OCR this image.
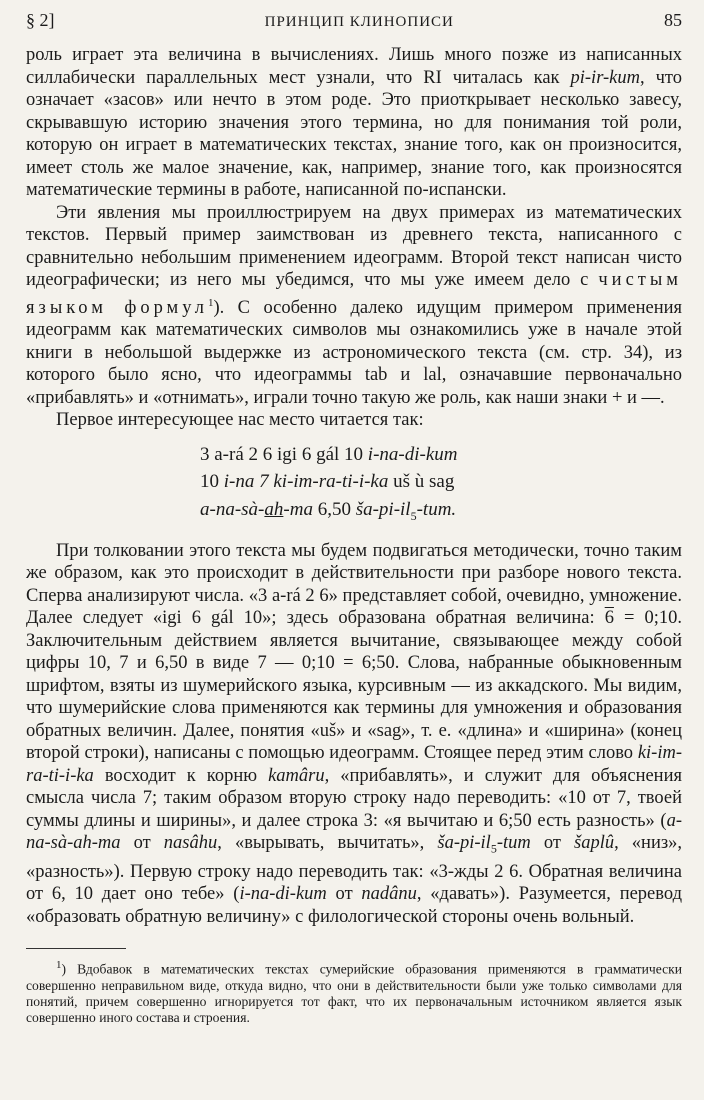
§ 2]	ПРИНЦИП КЛИНОПИСИ	85

роль играет эта величина в вычислениях. Лишь много позже из написанных силлабически параллельных мест узнали, что RI читалась как pi-ir-kum, что означает «засов» или нечто в этом роде. Это приоткрывает несколько завесу, скрывавшую историю значения этого термина, но для понимания той роли, которую он играет в математических текстах, знание того, как он произносится, имеет столь же малое значение, как, например, знание того, как произносятся математические термины в работе, написанной по-испански.

Эти явления мы проиллюстрируем на двух примерах из математических текстов. Первый пример заимствован из древнего текста, написанного с сравнительно небольшим применением идеограмм. Второй текст написан чисто идеографически; из него мы убедимся, что мы уже имеем дело с чистым языком формул$^1$). С особенно далеко идущим примером применения идеограмм как математических символов мы ознакомились уже в начале этой книги в небольшой выдержке из астрономического текста (см. стр. 34), из которого было ясно, что идеограммы tab и lal, означавшие первоначально «прибавлять» и «отнимать», играли точно такую же роль, как наши знаки + и —.

Первое интересующее нас место читается так:

3 a-rá 2 6 igi 6 gál 10 i-na-di-kum
10 i-na 7 ki-im-ra-ti-i-ka uš ù sag
a-na-sà-ah-ma 6,50 $ša-pi-il_5$-tum.

При толковании этого текста мы будем подвигаться методически, точно таким же образом, как это происходит в действительности при разборе нового текста. Сперва анализируют числа. «3 a-rá 2 6» представляет собой, очевидно, умножение. Далее следует «igi 6 gál 10»; здесь образована обратная величина: 6 = 0;10. Заключительным действием является вычитание, связывающее между собой цифры 10, 7 и 6,50 в виде 7 — 0;10 = 6;50. Слова, набранные обыкновенным шрифтом, взяты из шумерийского языка, курсивным — из аккадского. Мы видим, что шумерийские слова применяются как термины для умножения и образования обратных величин. Далее, понятия «uš» и «sag», т. е. «длина» и «ширина» (конец второй строки), написаны с помощью идеограмм. Стоящее перед этим слово ki-im-ra-ti-i-ka восходит к корню kamâru, «прибавлять», и служит для объяснения смысла числа 7; таким образом вторую строку надо переводить: «10 от 7, твоей суммы длины и ширины», и далее строка 3: «я вычитаю и 6;50 есть разность» (a-na-sà-ah-ma от nasâhu, «вырывать, вычитать», $ša-pi-il_5$-tum от šaplû, «низ», «разность»). Первую строку надо переводить так: «3-жды 2 6. Обратная величина от 6, 10 дает оно тебе» (i-na-di-kum от nadânu, «давать»). Разумеется, перевод «образовать обратную величину» с филологической стороны очень вольный.

$^1$) Вдобавок в математических текстах сумерийские образования применяются в грамматически совершенно неправильном виде, откуда видно, что они в действительности были уже только символами для понятий, причем совершенно игнорируется тот факт, что их первоначальным источником является язык совершенно иного состава и строения.
